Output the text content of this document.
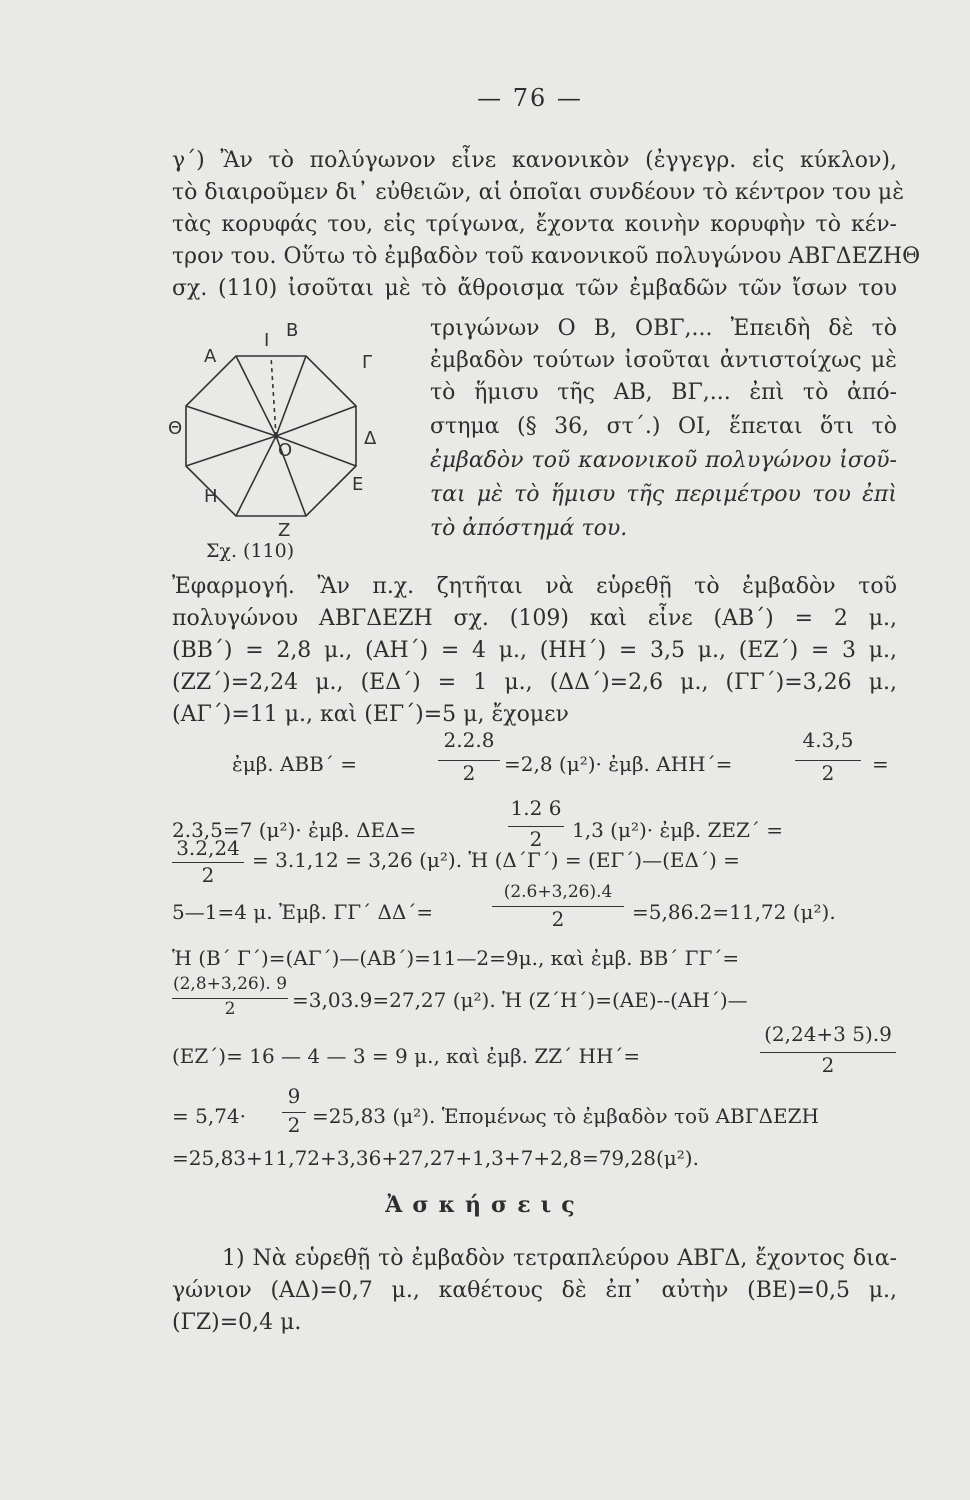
— 76 —
γ΄) Ἂν τὸ πολύγωνον εἶνε κανονικὸν (ἐγγεγρ. εἰς κύκλον),
τὸ διαιροῦμεν δι᾽ εὐθειῶν, αἱ ὁποῖαι συνδέουν τὸ κέντρον του μὲ
τὰς κορυφάς του, εἰς τρίγωνα, ἔχοντα κοινὴν κορυφὴν τὸ κέν-
τρον του. Οὕτω τὸ ἐμβαδὸν τοῦ κανονικοῦ πολυγώνου ΑΒΓΔΕΖΗΘ
σχ. (110) ἰσοῦται μὲ τὸ ἄθροισμα τῶν ἐμβαδῶν τῶν ἴσων του
Α
Ι Β
Γ
Θ	Δ
Ο
Η
Ε
Ζ
Σχ. (110)
τριγώνων Ο Β, ΟΒΓ,... Ἐπειδὴ δὲ τὸ
ἐμβαδὸν τούτων ἰσοῦται ἀντιστοίχως μὲ
τὸ ἥμισυ τῆς ΑΒ, ΒΓ,... ἐπὶ τὸ ἀπό-
στημα (§ 36, στ΄.) ΟΙ, ἕπεται ὅτι τὸ
ἐμβαδὸν τοῦ κανονικοῦ πολυγώνου ἰσοῦ-
ται μὲ τὸ ἥμισυ τῆς περιμέτρου του ἐπὶ
τὸ ἀπόστημά του.
Ἐφαρμογή. Ἂν π.χ. ζητῆται νὰ εὑρεθῇ τὸ ἐμβαδὸν τοῦ
πολυγώνου ΑΒΓΔΕΖΗ σχ. (109) καὶ εἶνε (ΑΒ΄) = 2 μ.,
(ΒΒ΄) = 2,8 μ., (ΑΗ΄) = 4 μ., (ΗΗ΄) = 3,5 μ., (ΕΖ΄) = 3 μ.,
(ΖΖ΄)=2,24 μ., (ΕΔ΄) = 1 μ., (ΔΔ΄)=2,6 μ., (ΓΓ΄)=3,26 μ.,
(ΑΓ΄)=11 μ., καὶ (ΕΓ΄)=5 μ, ἔχομεν
ἐμβ. ΑΒΒ΄ =
2.2.8
2	=2,8 (μ²)· ἐμβ. ΑΗΗ΄=
4.3,5
2	=
2.3,5=7 (μ²)· ἐμβ. ΔΕΔ=
1.2 6
2	1,3 (μ²)· ἐμβ. ΖΕΖ΄ =
3.2,24
2
= 3.1,12 = 3,26 (μ²). Ἡ (Δ΄Γ΄) = (ΕΓ΄)—(ΕΔ΄) =
5—1=4 μ. Ἐμβ. ΓΓ΄ ΔΔ΄=
(2.6+3,26).4
2	=5,86.2=11,72 (μ²).
Ἡ (Β΄ Γ΄)=(ΑΓ΄)—(ΑΒ΄)=11—2=9μ., καὶ ἐμβ. ΒΒ΄ ΓΓ΄=
(2,8+3,26). 9
2	=3,03.9=27,27 (μ²). Ἡ (Ζ΄Η΄)=(ΑΕ)--(ΑΗ΄)—
(ΕΖ΄)= 16 — 4 — 3 = 9 μ., καὶ ἐμβ. ΖΖ΄ ΗΗ΄=
(2,24+3 5).9
2
= 5,74·
9
2 =25,83 (μ²). Ἑπομένως τὸ ἐμβαδὸν τοῦ ΑΒΓΔΕΖΗ
=25,83+11,72+3,36+27,27+1,3+7+2,8=79,28(μ²).
Ἀσκήσεις
1) Νὰ εὑρεθῇ τὸ ἐμβαδὸν τετραπλεύρου ΑΒΓΔ, ἔχοντος δια-
γώνιον (ΑΔ)=0,7 μ., καθέτους δὲ ἐπ᾽ αὐτὴν (ΒΕ)=0,5 μ.,
(ΓΖ)=0,4 μ.
